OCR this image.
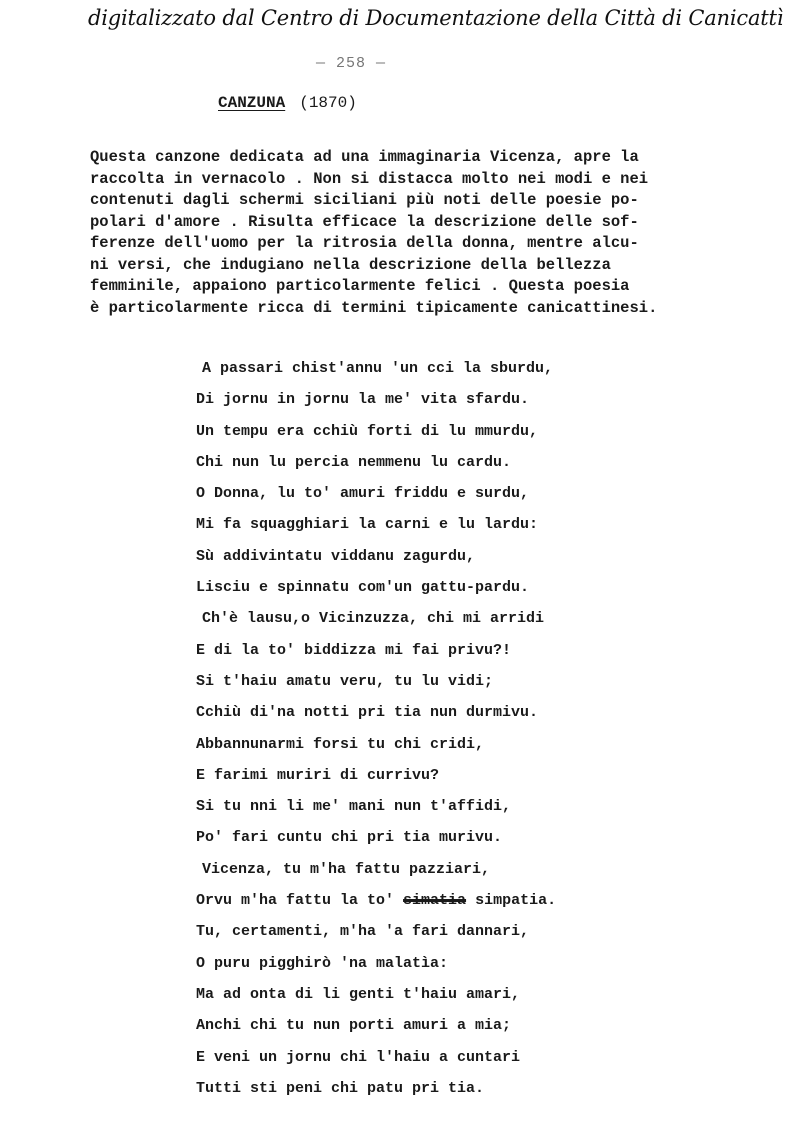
digitalizzato dal Centro di Documentazione della Città di Canicattì
— 258 —
CANZUNA (1870)
Questa canzone dedicata ad una immaginaria Vicenza, apre la
raccolta in vernacolo . Non si distacca molto nei modi e nei
contenuti dagli schermi siciliani più noti delle poesie po-
polari d'amore . Risulta efficace la descrizione delle sof-
ferenze dell'uomo per la ritrosia della donna, mentre alcu-
ni versi, che indugiano nella descrizione della bellezza
femminile, appaiono particolarmente felici . Questa poesia
è particolarmente ricca di termini tipicamente canicattinesi.
A passari chist'annu 'un cci la sburdu,
Di jornu in jornu la me' vita sfardu.
Un tempu era cchiù forti di lu mmurdu,
Chi nun lu percia nemmenu lu cardu.
O Donna, lu to' amuri friddu e surdu,
Mi fa squagghiari la carni e lu lardu:
Sù addivintatu viddanu zagurdu,
Lisciu e spinnatu com'un gattu-pardu.
Ch'è lausu,o Vicinzuzza, chi mi arridi
E di la to' biddizza mi fai privu?!
Si t'haiu amatu veru, tu lu vidi;
Cchiù di'na notti pri tia nun durmivu.
Abbannunarmi forsi tu chi cridi,
E farimi muriri di currivu?
Si tu nni li me' mani nun t'affidi,
Po' fari cuntu chi pri tia murivu.
Vicenza, tu m'ha fattu pazziari,
Orvu m'ha fattu la to' simatia simpatia.
Tu, certamenti, m'ha 'a fari dannari,
O puru pigghirò 'na malatìa:
Ma ad onta di li genti t'haiu amari,
Anchi chi tu nun porti amuri a mia;
E veni un jornu chi l'haiu a cuntari
Tutti sti peni chi patu pri tia.
